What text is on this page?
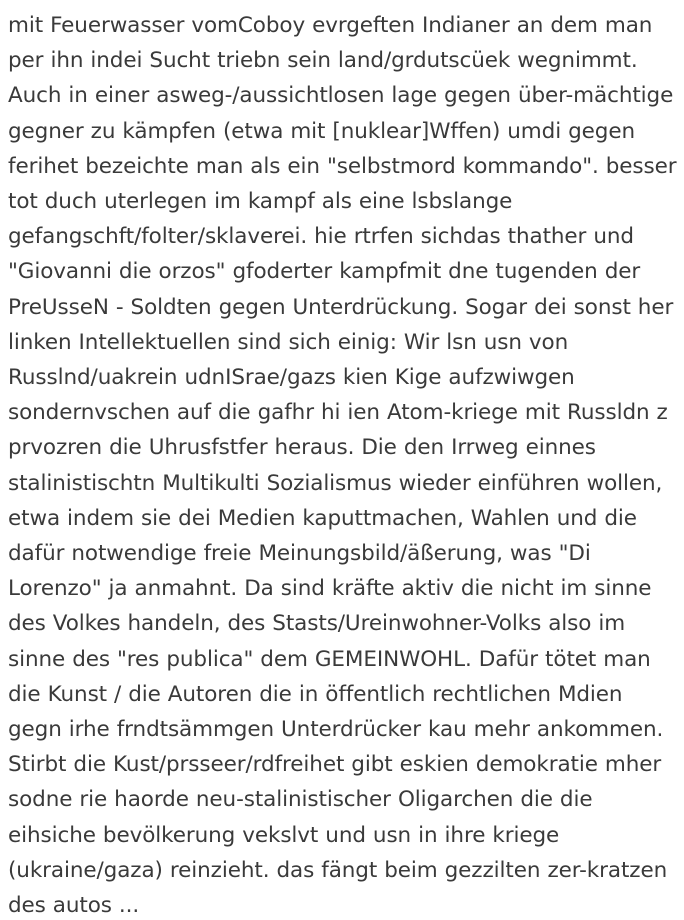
mit Feuerwasser vomCoboy evrgeften Indianer an dem man per ihn indei Sucht triebn sein land/grdutscüek wegnimmt. Auch in einer asweg-/aussichtlosen lage gegen über-mächtige gegner zu kämpfen (etwa mit [nuklear]Wffen) umdi gegen ferihet bezeichte man als ein "selbstmord kommando". besser tot duch uterlegen im kampf als eine lsbslange gefangschft/folter/sklaverei. hie rtrfen sichdas thather und "Giovanni die orzos" gfoderter kampfmit dne tugenden der PreUsseN - Soldten gegen Unterdrückung. Sogar dei sonst her linken Intellektuellen sind sich einig: Wir lsn usn von Russlnd/uakrein udnISrae/gazs kien Kige aufzwiwgen sondernvschen auf die gafhr hi ien Atom-kriege mit Russldn z prvozren die Uhrusfstfer heraus. Die den Irrweg einnes stalinistischtn Multikulti Sozialismus wieder einführen wollen, etwa indem sie dei Medien kaputtmachen, Wahlen und die dafür notwendige freie Meinungsbild/äßerung, was "Di Lorenzo" ja anmahnt. Da sind kräfte aktiv die nicht im sinne des Volkes handeln, des Stasts/Ureinwohner-Volks also im sinne des "res publica" dem GEMEINWOHL. Dafür tötet man die Kunst / die Autoren die in öffentlich rechtlichen Mdien gegn irhe frndtsämmgen Unterdrücker kau mehr ankommen. Stirbt die Kust/prsseer/rdfreihet gibt eskien demokratie mher sodne rie haorde neu-stalinistischer Oligarchen die die eihsiche bevölkerung vekslvt und usn in ihre kriege (ukraine/gaza) reinzieht. das fängt beim gezzilten zer-kratzen des autos ...
